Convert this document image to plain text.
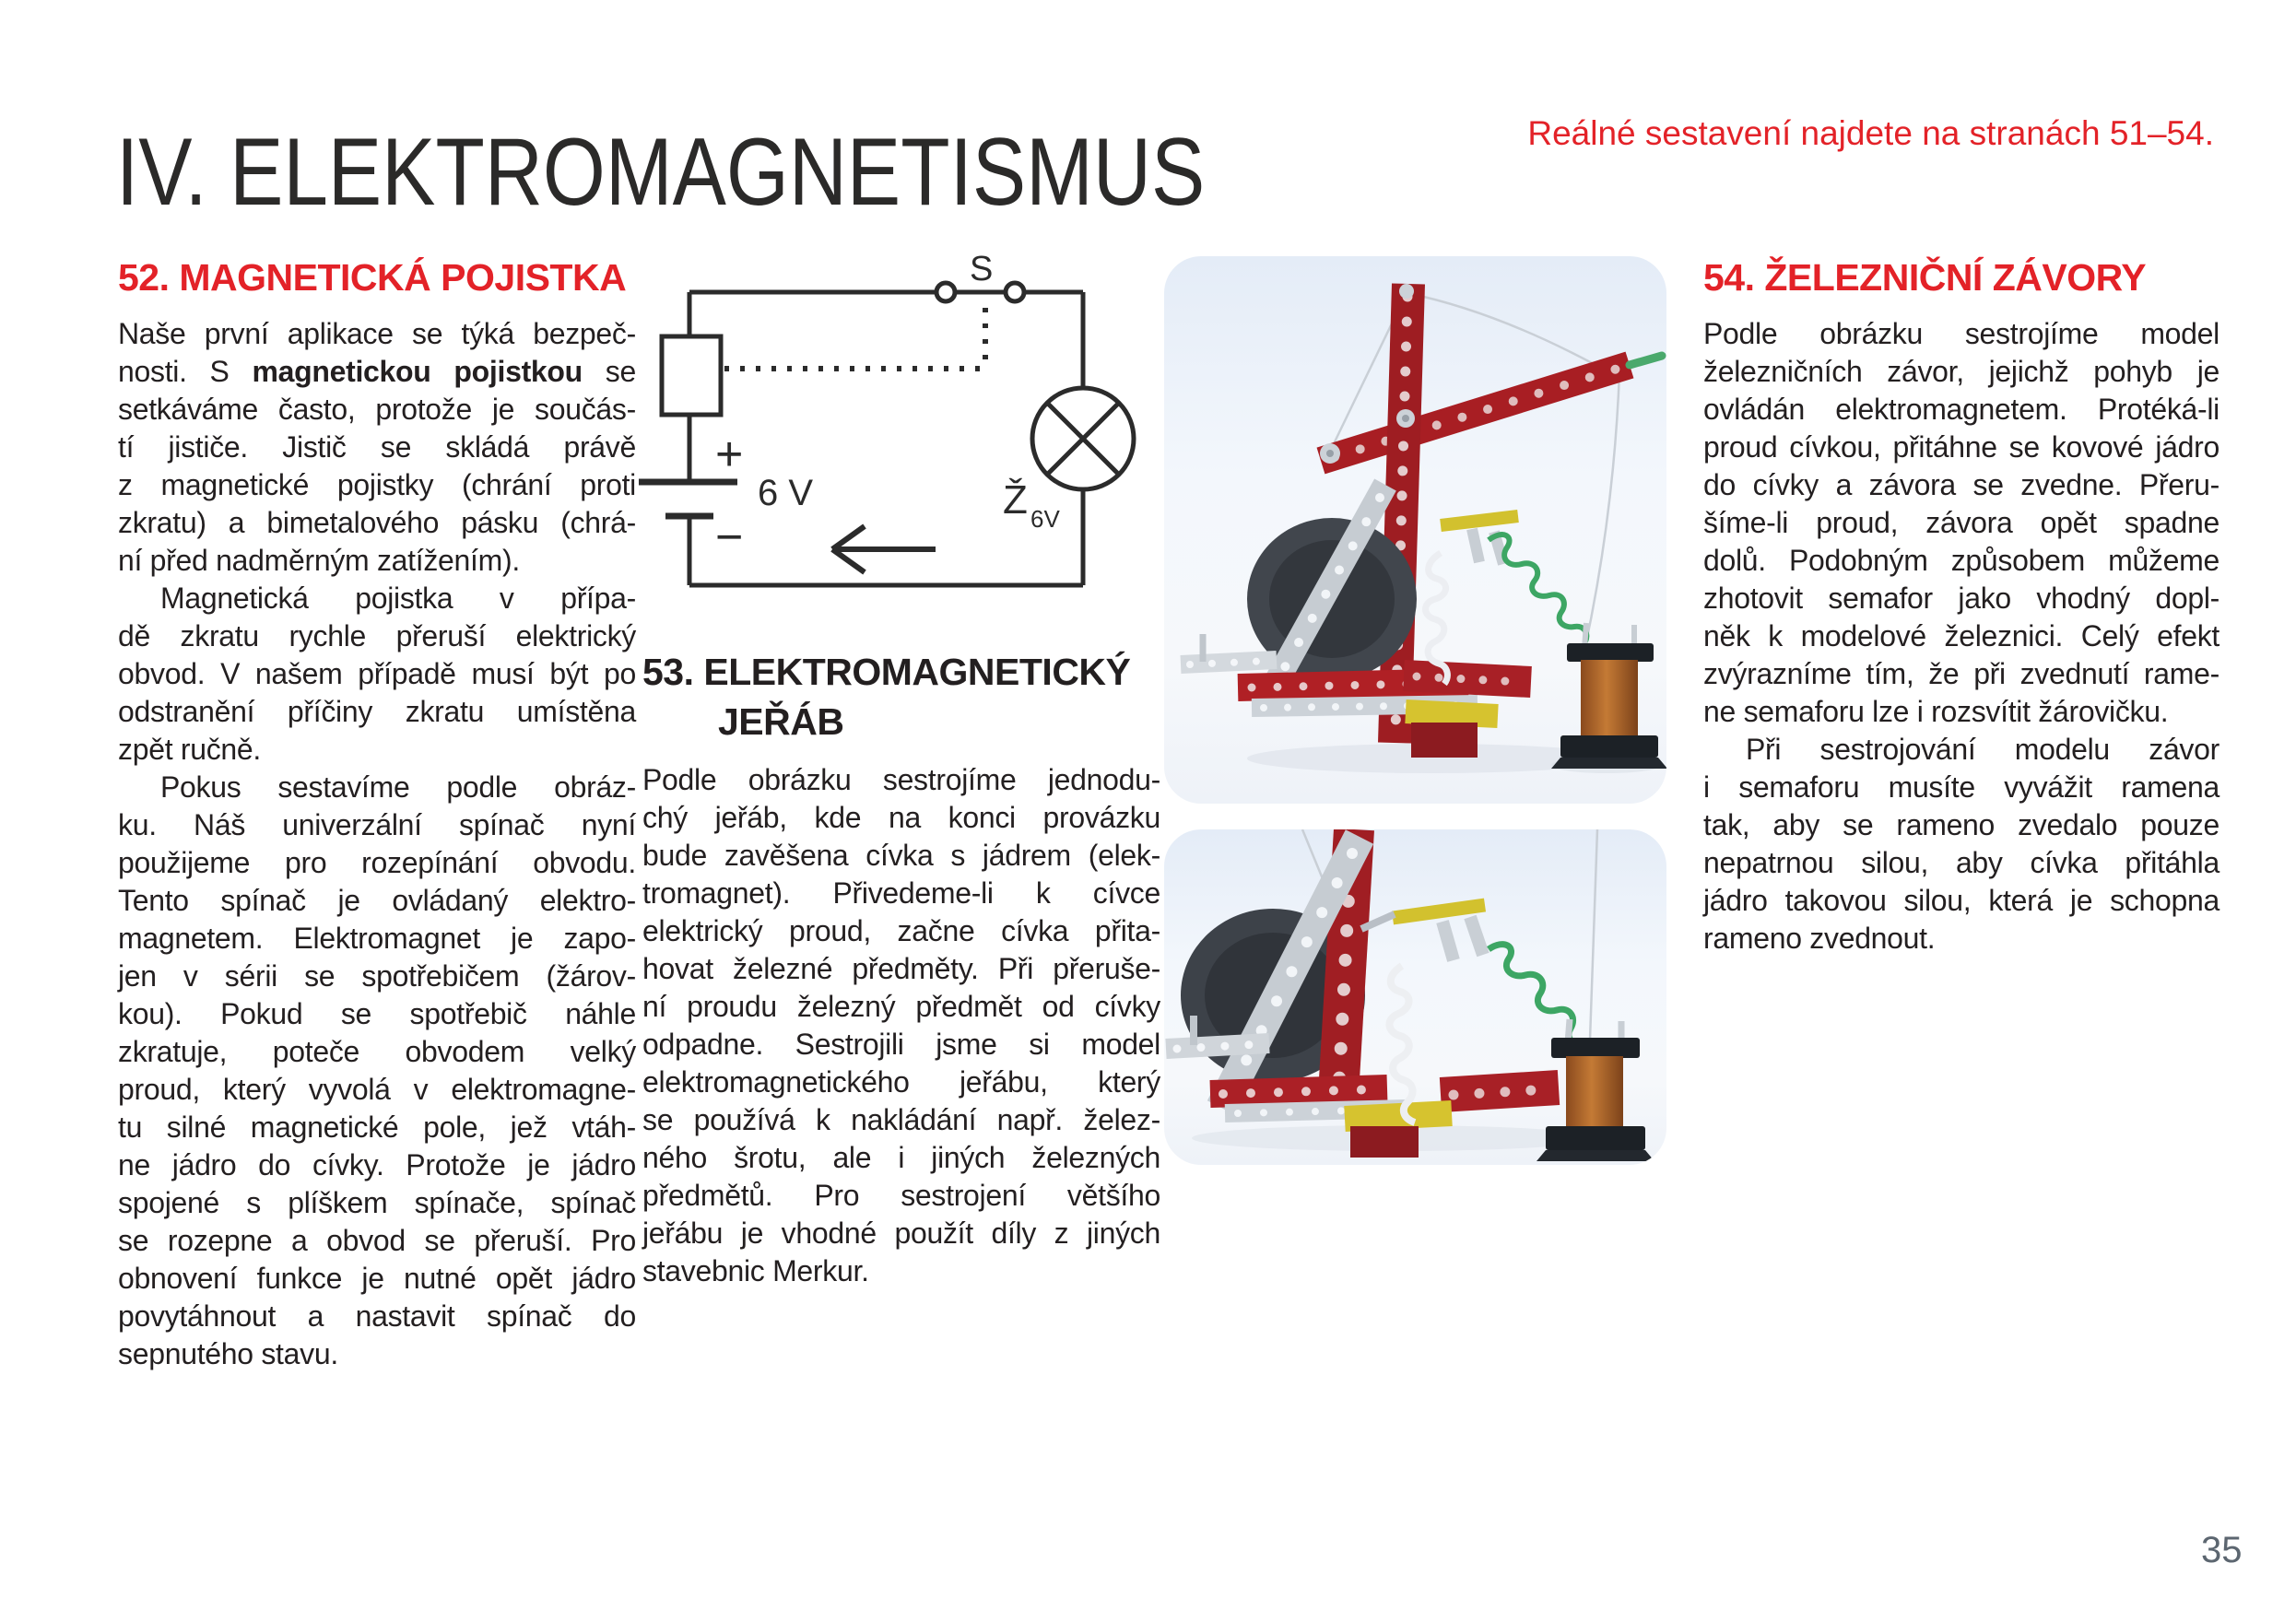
IV. ELEKTROMAGNETISMUS	Reálné sestavení najdete na stranách 51–54.
52. MAGNETICKÁ POJISTKA
Naše první aplikace se týká bezpeč-
nosti. S magnetickou pojistkou se
setkáváme často, protože je součás-
tí jističe. Jistič se skládá právě
z magnetické pojistky (chrání proti
zkratu) a bimetalového pásku (chrá-
ní před nadměrným zatížením).
Magnetická pojistka v přípa-
dě zkratu rychle přeruší elektrický
obvod. V našem případě musí být po
odstranění příčiny zkratu umístěna
zpět ručně.
Pokus sestavíme podle obráz-
ku. Náš univerzální spínač nyní
použijeme pro rozepínání obvodu.
Tento spínač je ovládaný elektro-
magnetem. Elektromagnet je zapo-
jen v sérii se spotřebičem (žárov-
kou). Pokud se spotřebič náhle
zkratuje, poteče obvodem velký
proud, který vyvolá v elektromagne-
tu silné magnetické pole, jež vtáh-
ne jádro do cívky. Protože je jádro
spojené s plíškem spínače, spínač
se rozepne a obvod se přeruší. Pro
obnovení funkce je nutné opět jádro
povytáhnout a nastavit spínač do
sepnutého stavu.
S
+
6 V
−
Ž 6V
53. ELEKTROMAGNETICKÝ
JEŘÁB
Podle obrázku sestrojíme jednodu-
chý jeřáb, kde na konci provázku
bude zavěšena cívka s jádrem (elek-
tromagnet). Přivedeme-li k cívce
elektrický proud, začne cívka přita-
hovat železné předměty. Při přeruše-
ní proudu železný předmět od cívky
odpadne. Sestrojili jsme si model
elektromagnetického jeřábu, který
se používá k nakládání např. želez-
ného šrotu, ale i jiných železných
předmětů. Pro sestrojení většího
jeřábu je vhodné použít díly z jiných
stavebnic Merkur.
54. ŽELEZNIČNÍ ZÁVORY
Podle obrázku sestrojíme model
železničních závor, jejichž pohyb je
ovládán elektromagnetem. Protéká-li
proud cívkou, přitáhne se kovové jádro
do cívky a závora se zvedne. Přeru-
šíme-li proud, závora opět spadne
dolů. Podobným způsobem můžeme
zhotovit semafor jako vhodný dopl-
něk k modelové železnici. Celý efekt
zvýrazníme tím, že při zvednutí rame-
ne semaforu lze i rozsvítit žárovičku.
Při sestrojování modelu závor
i semaforu musíte vyvážit ramena
tak, aby se rameno zvedalo pouze
nepatrnou silou, aby cívka přitáhla
jádro takovou silou, která je schopna
rameno zvednout.
35
